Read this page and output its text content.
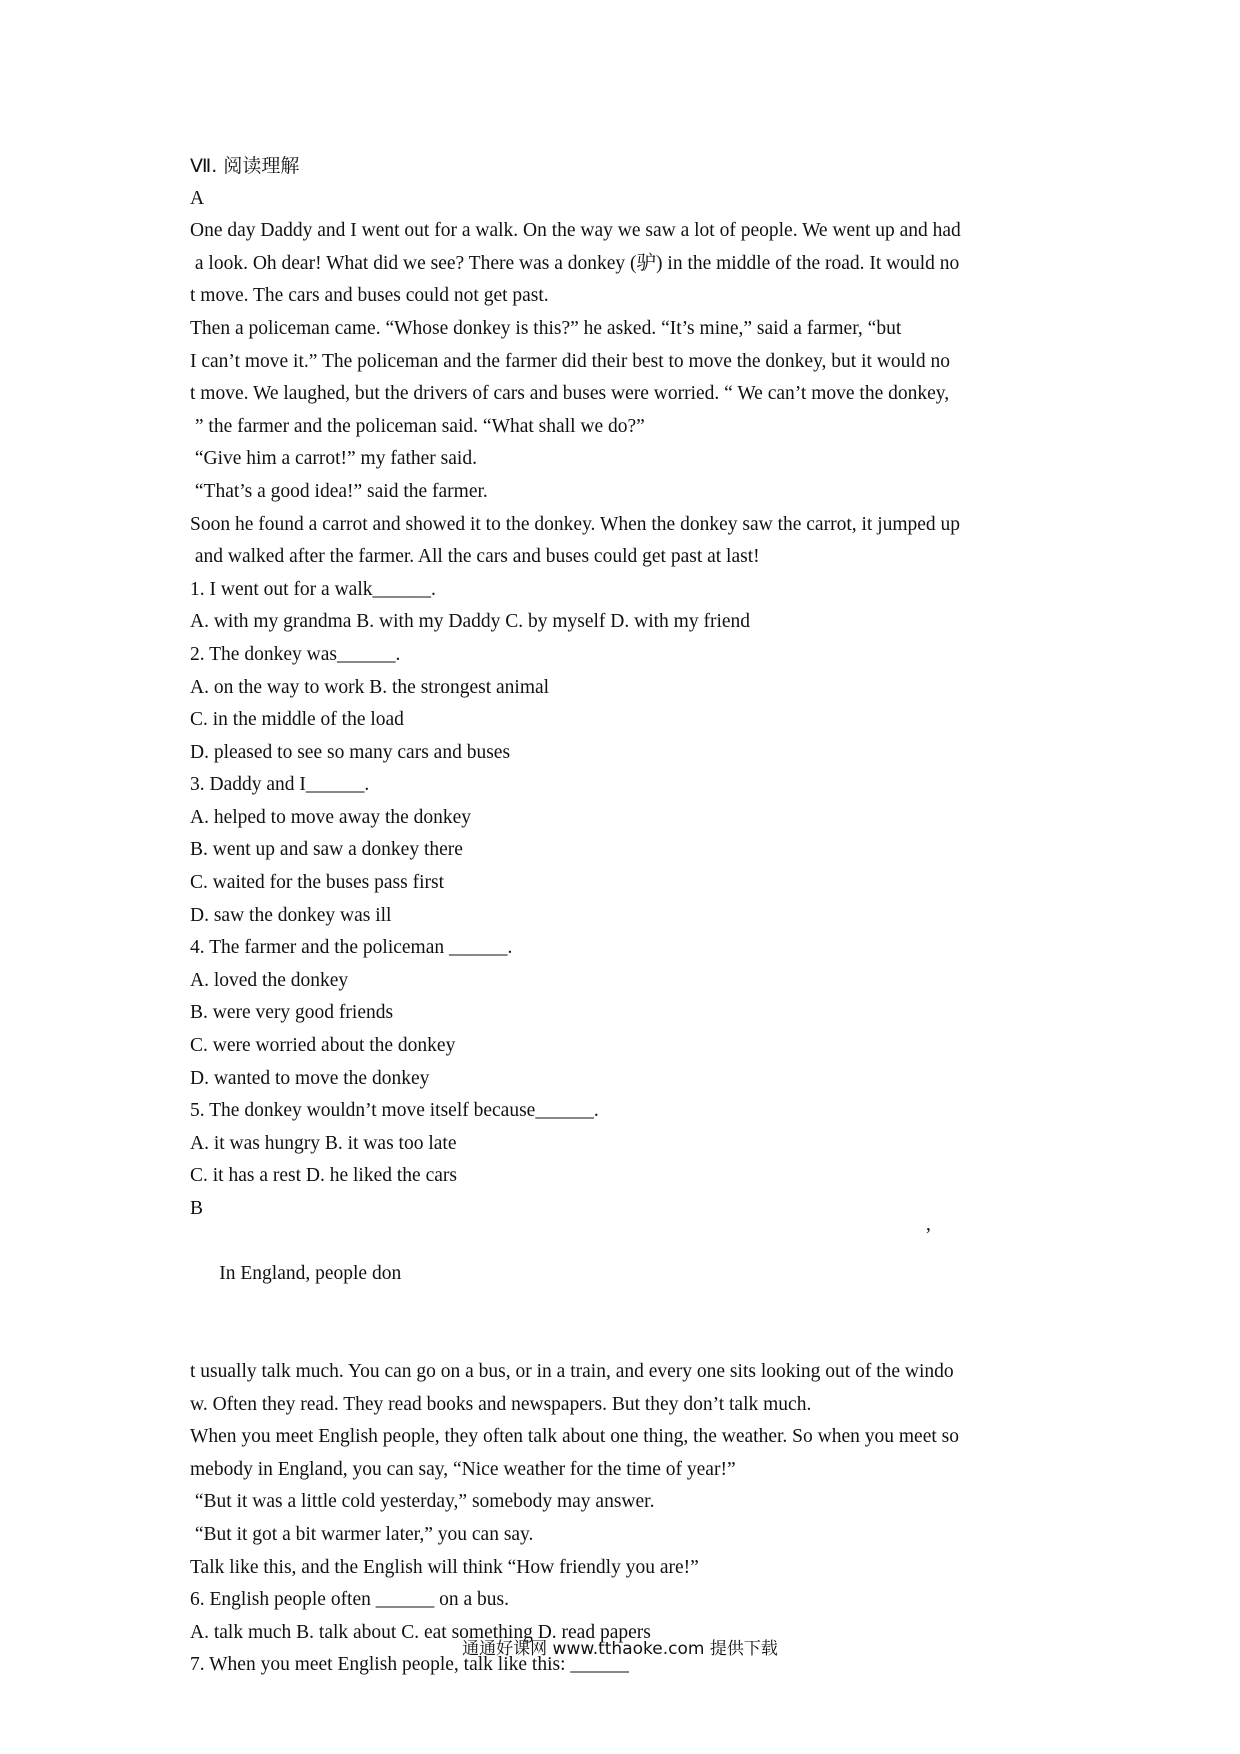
Ⅶ. 阅读理解
A
One day Daddy and I went out for a walk. On the way we saw a lot of people. We went up and had
a look. Oh dear! What did we see? There was a donkey (驴) in the middle of the road. It would no
t move. The cars and buses could not get past.
Then a policeman came. “Whose donkey is this?” he asked. “It’s mine,” said a farmer, “but
I can’t move it.” The policeman and the farmer did their best to move the donkey, but it would no
t move. We laughed, but the drivers of cars and buses were worried. “ We can’t move the donkey,
” the farmer and the policeman said. “What shall we do?”
“Give him a carrot!” my father said.
“That’s a good idea!” said the farmer.
Soon he found a carrot and showed it to the donkey. When the donkey saw the carrot, it jumped up
and walked after the farmer. All the cars and buses could get past at last!
1. I went out for a walk______.
A. with my grandma B. with my Daddy C. by myself D. with my friend
2. The donkey was______.
A. on the way to work B. the strongest animal
C. in the middle of the load
D. pleased to see so many cars and buses
3. Daddy and I______.
A. helped to move away the donkey
B. went up and saw a donkey there
C. waited for the buses pass first
D. saw the donkey was ill
4. The farmer and the policeman ______.
A. loved the donkey
B. were very good friends
C. were worried about the donkey
D. wanted to move the donkey
5. The donkey wouldn’t move itself because______.
A. it was hungry B. it was too late
C. it has a rest D. he liked the cars
B

In England, people don

’

t usually talk much. You can go on a bus, or in a train, and every one sits looking out of the windo
w. Often they read. They read books and newspapers. But they don’t talk much.
When you meet English people, they often talk about one thing, the weather. So when you meet so
mebody in England, you can say, “Nice weather for the time of year!”
“But it was a little cold yesterday,” somebody may answer.
“But it got a bit warmer later,” you can say.
Talk like this, and the English will think “How friendly you are!”
6. English people often ______ on a bus.
A. talk much B. talk about C. eat something D. read papers
7. When you meet English people, talk like this: ______
通通好课网 www.tthaoke.com 提供下载
